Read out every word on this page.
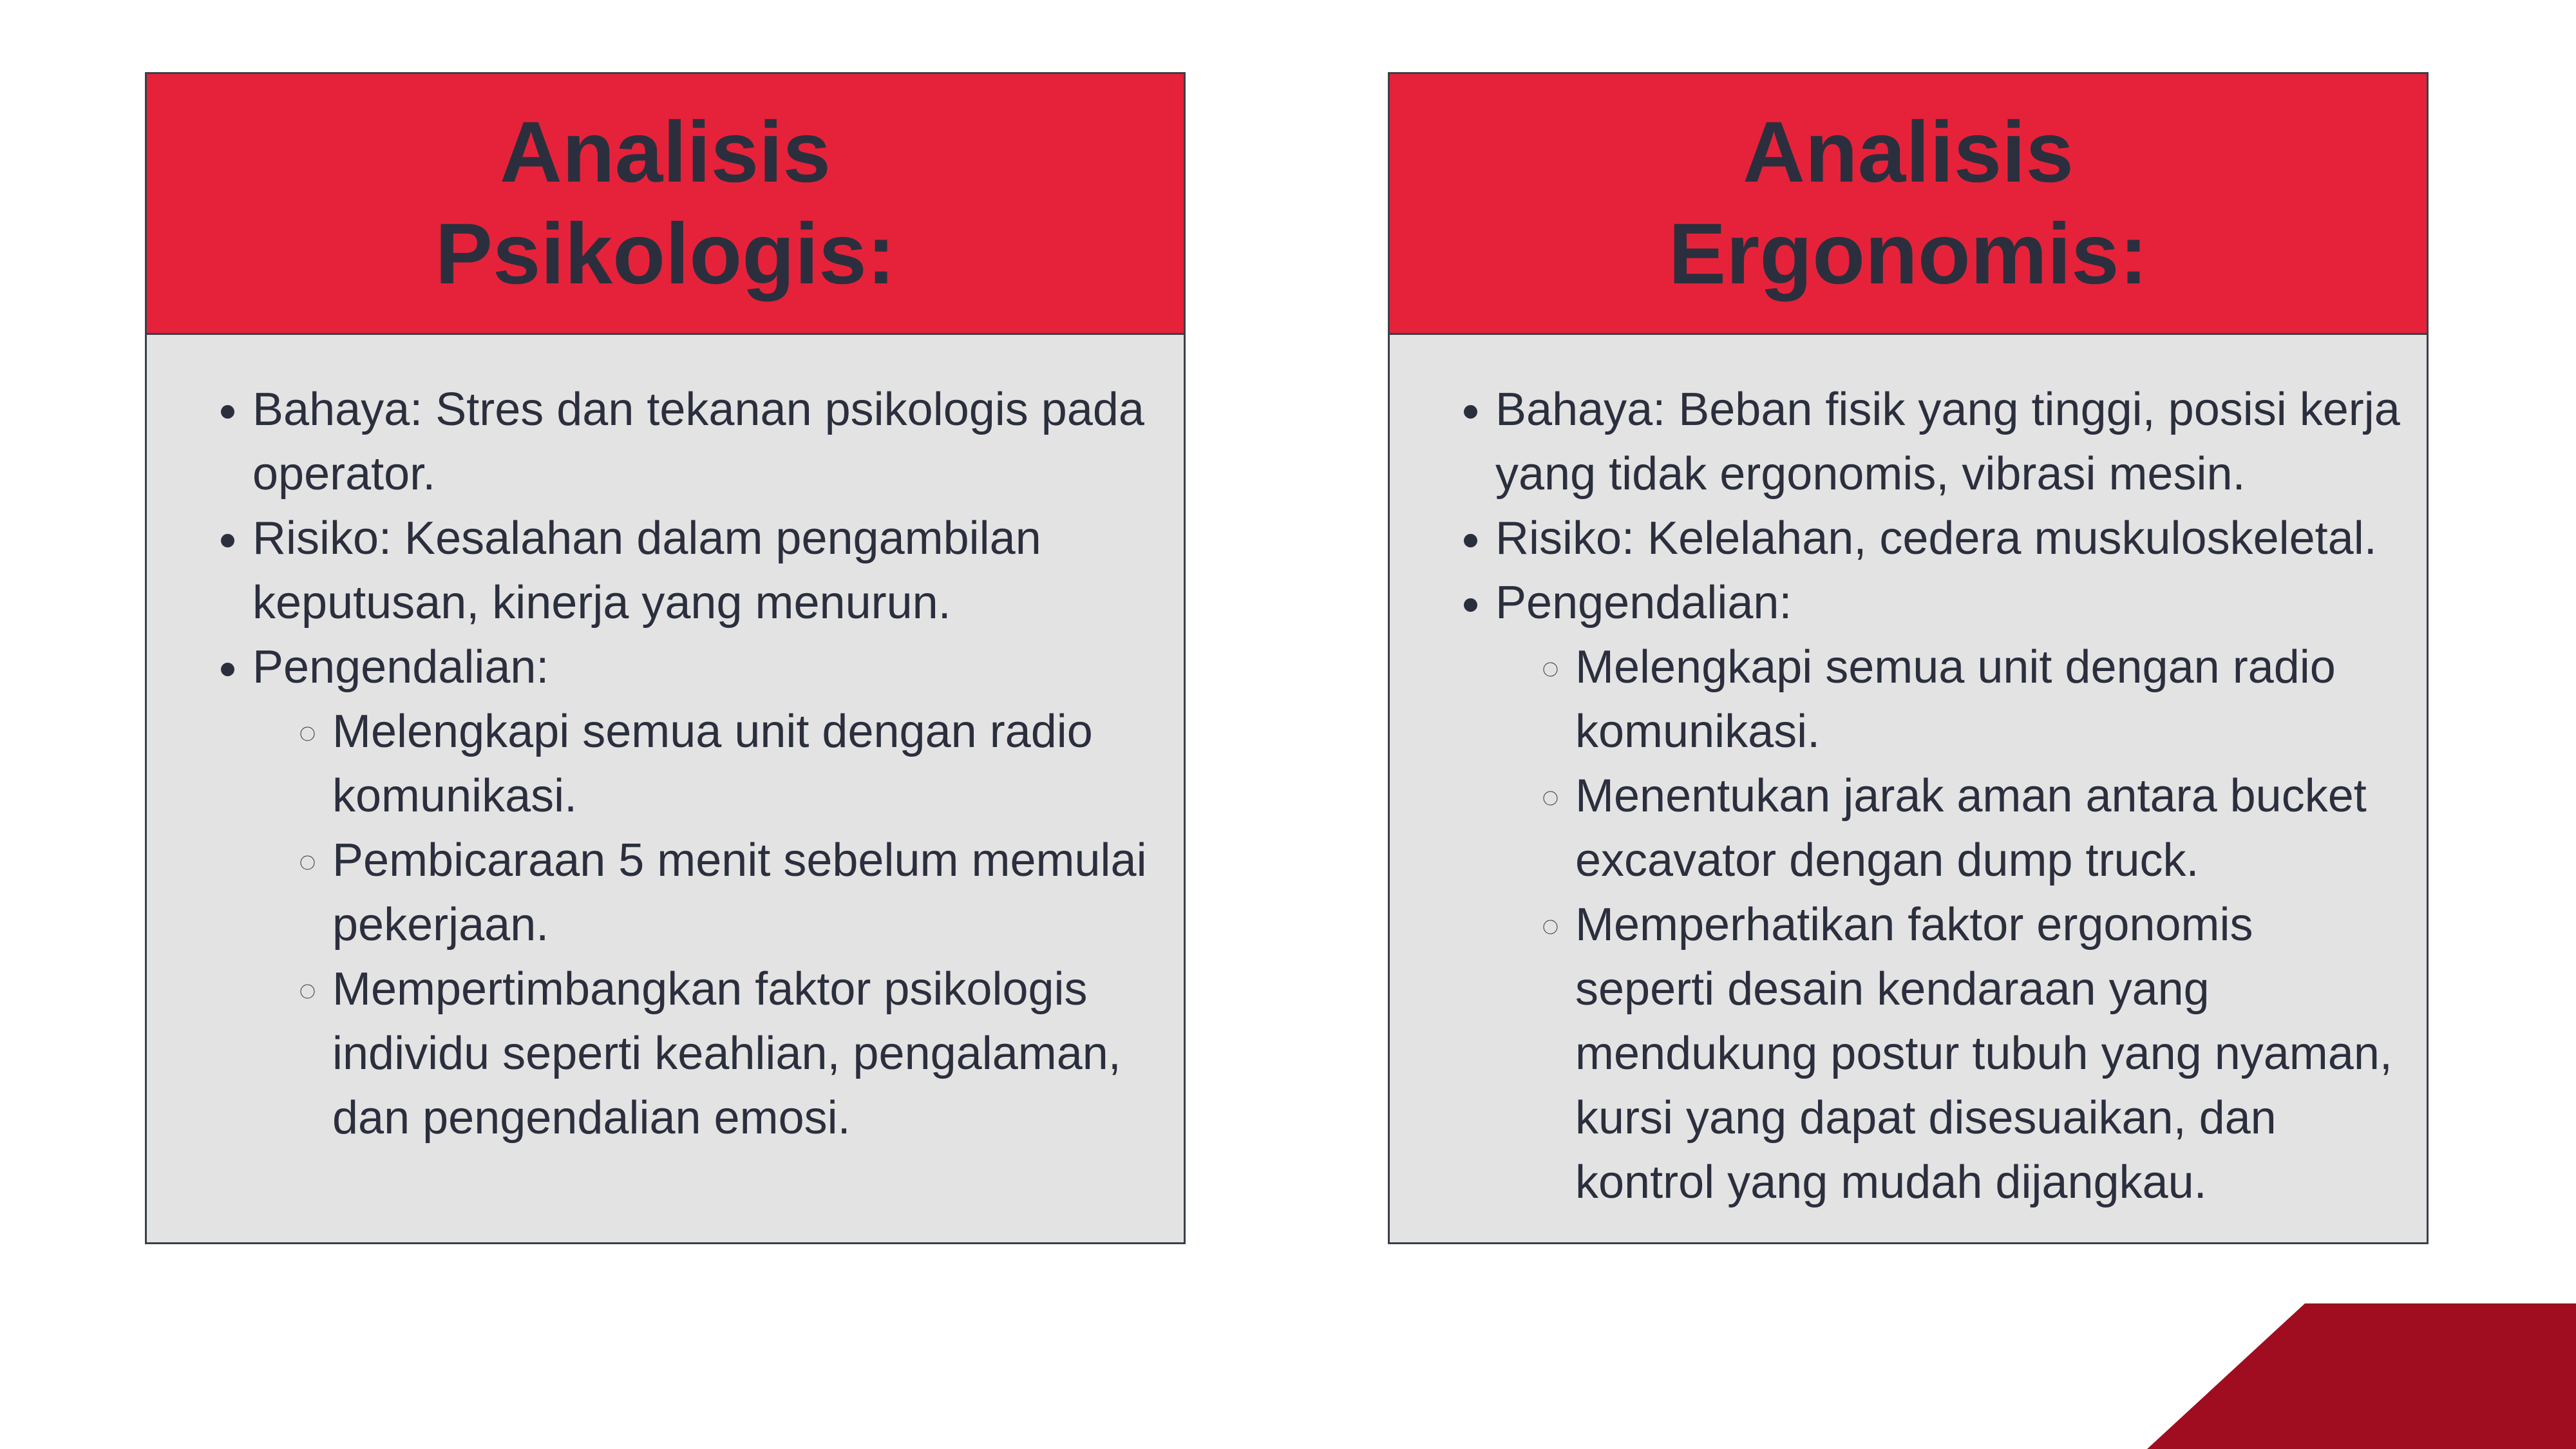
Analisis
Psikologis:
• Bahaya: Stres dan tekanan psikologis pada operator.
• Risiko: Kesalahan dalam pengambilan keputusan, kinerja yang menurun.
• Pengendalian:
◦ Melengkapi semua unit dengan radio komunikasi.
◦ Pembicaraan 5 menit sebelum memulai pekerjaan.
◦ Mempertimbangkan faktor psikologis individu seperti keahlian, pengalaman, dan pengendalian emosi.
Analisis
Ergonomis:
• Bahaya: Beban fisik yang tinggi, posisi kerja yang tidak ergonomis, vibrasi mesin.
• Risiko: Kelelahan, cedera muskuloskeletal.
• Pengendalian:
◦ Melengkapi semua unit dengan radio komunikasi.
◦ Menentukan jarak aman antara bucket excavator dengan dump truck.
◦ Memperhatikan faktor ergonomis seperti desain kendaraan yang mendukung postur tubuh yang nyaman, kursi yang dapat disesuaikan, dan kontrol yang mudah dijangkau.
